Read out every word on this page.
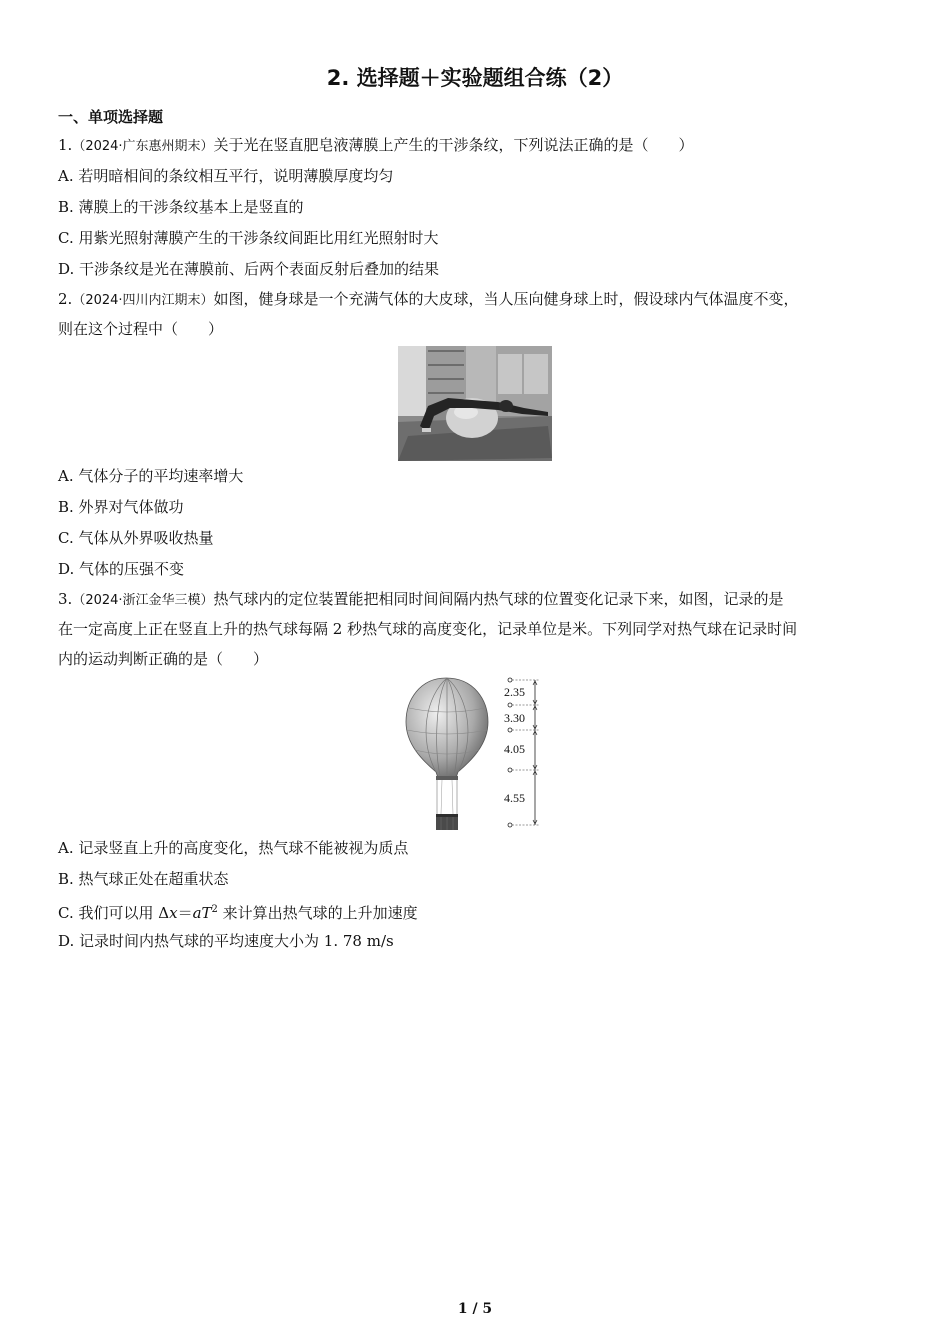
2. 选择题＋实验题组合练（2）
一、单项选择题
1.（2024·广东惠州期末）关于光在竖直肥皂液薄膜上产生的干涉条纹，下列说法正确的是（　　）
A. 若明暗相间的条纹相互平行，说明薄膜厚度均匀
B. 薄膜上的干涉条纹基本上是竖直的
C. 用紫光照射薄膜产生的干涉条纹间距比用红光照射时大
D. 干涉条纹是光在薄膜前、后两个表面反射后叠加的结果
2.（2024·四川内江期末）如图，健身球是一个充满气体的大皮球，当人压向健身球上时，假设球内气体温度不变，
则在这个过程中（　　）
A. 气体分子的平均速率增大
B. 外界对气体做功
C. 气体从外界吸收热量
D. 气体的压强不变
3.（2024·浙江金华三模）热气球内的定位装置能把相同时间间隔内热气球的位置变化记录下来，如图，记录的是
在一定高度上正在竖直上升的热气球每隔 2 秒热气球的高度变化，记录单位是米。下列同学对热气球在记录时间
内的运动判断正确的是（　　）
2.35
3.30
4.05
4.55
A. 记录竖直上升的高度变化，热气球不能被视为质点
B. 热气球正处在超重状态
C. 我们可以用 $\Delta x=aT^2$ 来计算出热气球的上升加速度
D. 记录时间内热气球的平均速度大小为 1. 78 m/s
1 / 5
